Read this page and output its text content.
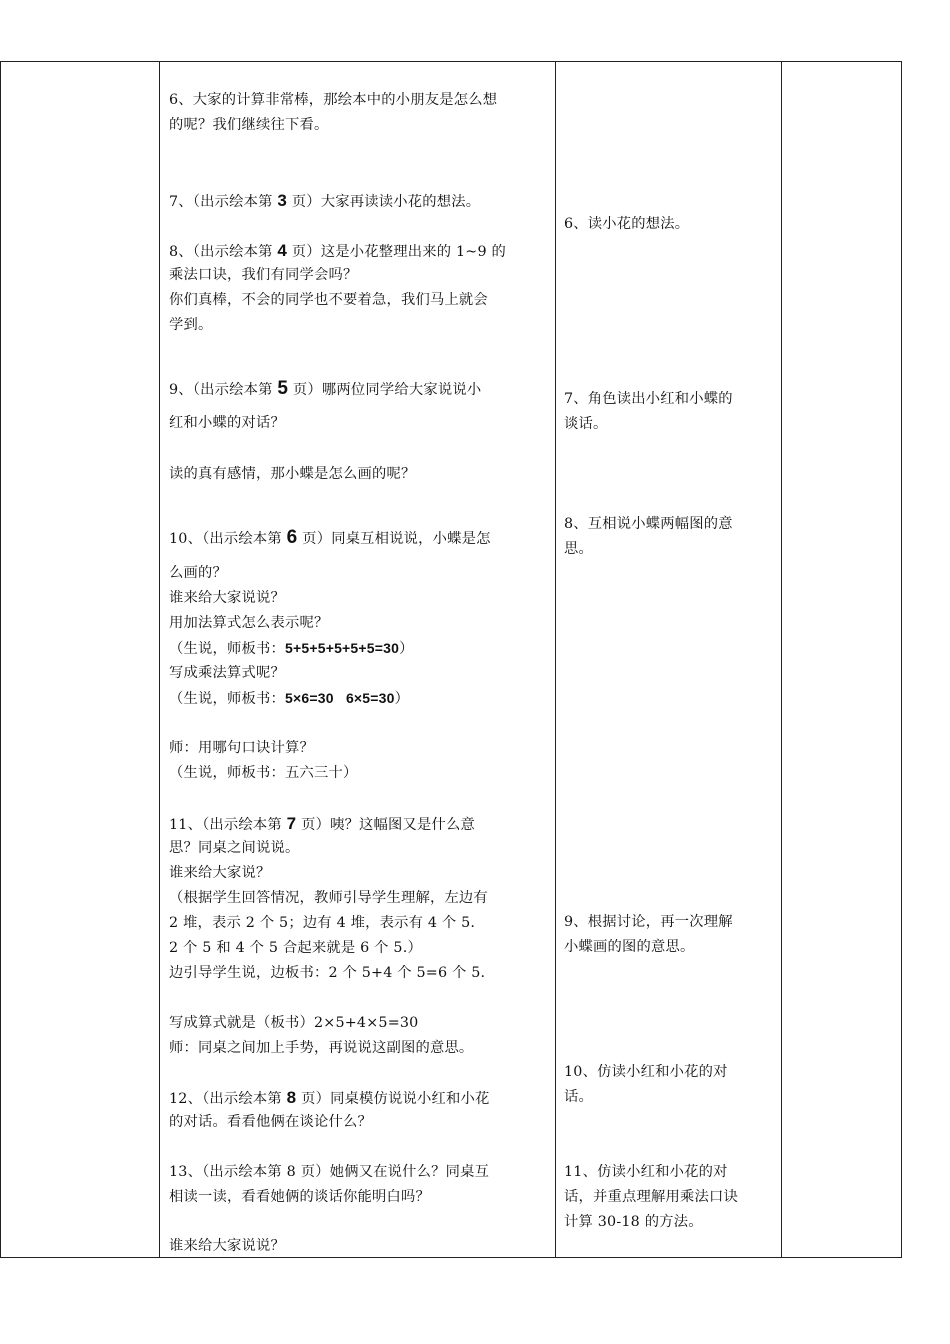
6、大家的计算非常棒，那绘本中的小朋友是怎么想
的呢？我们继续往下看。
7、（出示绘本第 3 页）大家再读读小花的想法。
8、（出示绘本第 4 页）这是小花整理出来的 1~9 的
乘法口诀，我们有同学会吗？
你们真棒，不会的同学也不要着急，我们马上就会
学到。
9、（出示绘本第 5 页）哪两位同学给大家说说小
红和小蝶的对话？
读的真有感情，那小蝶是怎么画的呢？
10、（出示绘本第 6 页）同桌互相说说，小蝶是怎
么画的？
谁来给大家说说？
用加法算式怎么表示呢？
（生说，师板书：5+5+5+5+5+5=30）
写成乘法算式呢？
（生说，师板书：5×6=30   6×5=30）
师：用哪句口诀计算？
（生说，师板书：五六三十）
11、（出示绘本第 7 页）咦？这幅图又是什么意
思？同桌之间说说。
谁来给大家说？
（根据学生回答情况，教师引导学生理解，左边有
2 堆，表示 2 个 5；边有 4 堆，表示有 4 个 5.
2 个 5 和 4 个 5 合起来就是 6 个 5.）
边引导学生说，边板书：2 个 5+4 个 5=6 个 5.
写成算式就是（板书）2×5+4×5=30
师：同桌之间加上手势，再说说这副图的意思。
12、（出示绘本第 8 页）同桌模仿说说小红和小花
的对话。看看他俩在谈论什么？
13、（出示绘本第 8 页）她俩又在说什么？同桌互
相读一读，看看她俩的谈话你能明白吗？
谁来给大家说说？
6、读小花的想法。
7、角色读出小红和小蝶的
谈话。
8、互相说小蝶两幅图的意
思。
9、根据讨论，再一次理解
小蝶画的图的意思。
10、仿读小红和小花的对
话。
11、仿读小红和小花的对
话，并重点理解用乘法口诀
计算 30-18 的方法。
